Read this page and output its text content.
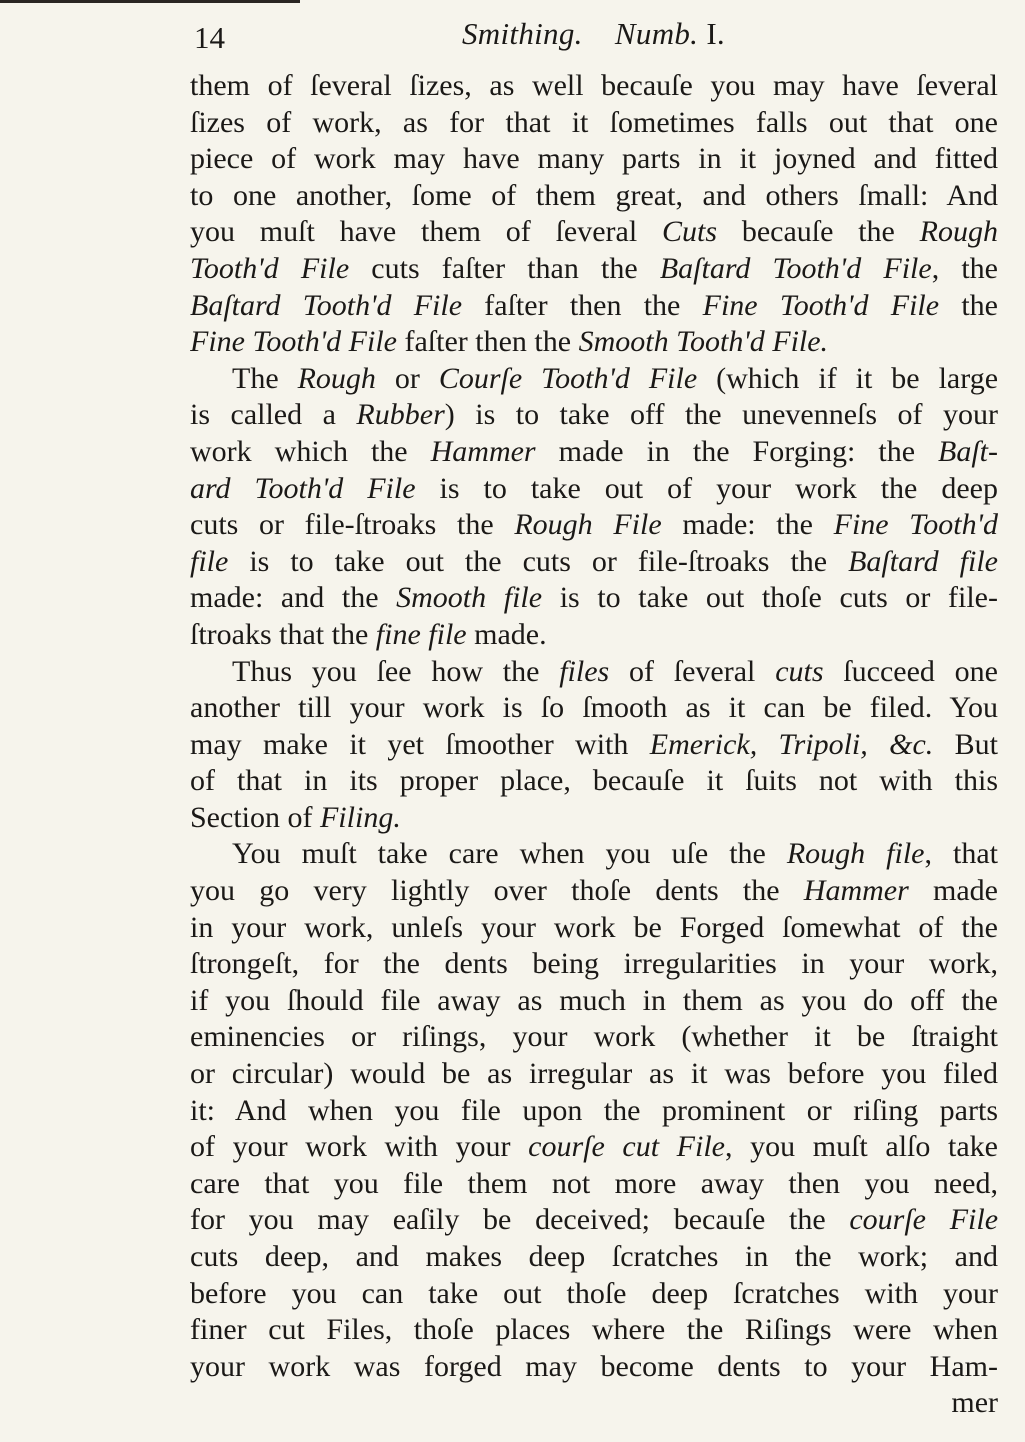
14	Smithing. Numb. I.
them of ſeveral ſizes, as well becauſe you may have ſeveral
ſizes of work, as for that it ſometimes falls out that one
piece of work may have many parts in it joyned and fitted
to one another, ſome of them great, and others ſmall: And
you muſt have them of ſeveral Cuts becauſe the Rough
Tooth'd File cuts faſter than the Baſtard Tooth'd File, the
Baſtard Tooth'd File faſter then the Fine Tooth'd File the
Fine Tooth'd File faſter then the Smooth Tooth'd File.
The Rough or Courſe Tooth'd File (which if it be large
is called a Rubber) is to take off the unevenneſs of your
work which the Hammer made in the Forging: the Baſt-
ard Tooth'd File is to take out of your work the deep
cuts or file-ſtroaks the Rough File made: the Fine Tooth'd
file is to take out the cuts or file-ſtroaks the Baſtard file
made: and the Smooth file is to take out thoſe cuts or file-
ſtroaks that the fine file made.
Thus you ſee how the files of ſeveral cuts ſucceed one
another till your work is ſo ſmooth as it can be filed. You
may make it yet ſmoother with Emerick, Tripoli, &c. But
of that in its proper place, becauſe it ſuits not with this
Section of Filing.
You muſt take care when you uſe the Rough file, that
you go very lightly over thoſe dents the Hammer made
in your work, unleſs your work be Forged ſomewhat of the
ſtrongeſt, for the dents being irregularities in your work,
if you ſhould file away as much in them as you do off the
eminencies or riſings, your work (whether it be ſtraight
or circular) would be as irregular as it was before you filed
it: And when you file upon the prominent or riſing parts
of your work with your courſe cut File, you muſt alſo take
care that you file them not more away then you need,
for you may eaſily be deceived; becauſe the courſe File
cuts deep, and makes deep ſcratches in the work; and
before you can take out thoſe deep ſcratches with your
finer cut Files, thoſe places where the Riſings were when
your work was forged may become dents to your Ham-
mer
